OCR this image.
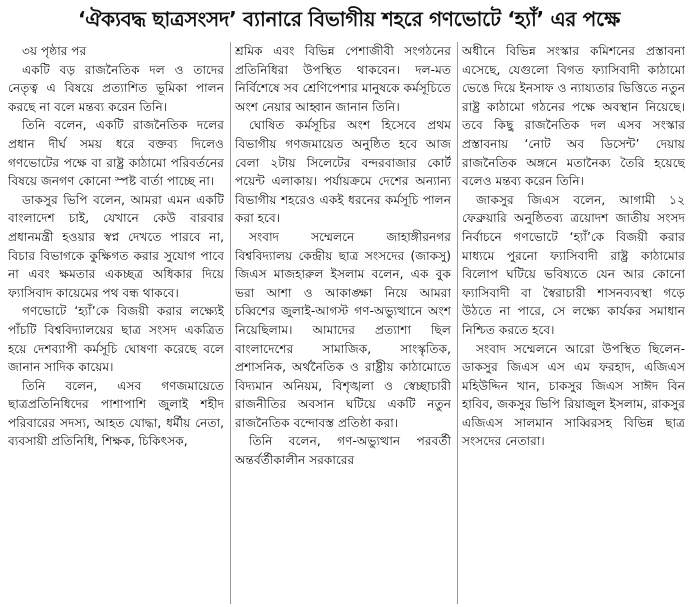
‘ঐক্যবদ্ধ ছাত্রসংসদ’ ব্যানারে বিভাগীয় শহরে গণভোটে ‘হ্যাঁ’ এর পক্ষে

৩য় পৃষ্ঠার পর

একটি বড় রাজনৈতিক দল ও তাদের নেতৃত্ব এ বিষয়ে প্রত্যাশিত ভূমিকা পালন করছে না বলে মন্তব্য করেন তিনি।

তিনি বলেন, একটি রাজনৈতিক দলের প্রধান দীর্ঘ সময় ধরে বক্তব্য দিলেও গণভোটের পক্ষে বা রাষ্ট্র কাঠামো পরিবর্তনের বিষয়ে জনগণ কোনো স্পষ্ট বার্তা পাচ্ছে না।

ডাকসুর ভিপি বলেন, আমরা এমন একটি বাংলাদেশ চাই, যেখানে কেউ বারবার প্রধানমন্ত্রী হওয়ার স্বপ্ন দেখতে পারবে না, বিচার বিভাগকে কুক্ষিগত করার সুযোগ পাবে না এবং ক্ষমতার একচ্ছত্র অধিকার দিয়ে ফ্যাসিবাদ কায়েমের পথ বন্ধ থাকবে।

গণভোটে ‘হ্যাঁ’কে বিজয়ী করার লক্ষ্যেই পাঁচটি বিশ্ববিদ্যালয়ের ছাত্র সংসদ একত্রিত হয়ে দেশব্যাপী কর্মসূচি ঘোষণা করেছে বলে জানান সাদিক কায়েম।

তিনি বলেন, এসব গণজমায়েতে ছাত্রপ্রতিনিধিদের পাশাপাশি জুলাই শহীদ পরিবারের সদস্য, আহত যোদ্ধা, ধর্মীয় নেতা, ব্যবসায়ী প্রতিনিধি, শিক্ষক, চিকিৎসক,

শ্রমিক এবং বিভিন্ন পেশাজীবী সংগঠনের প্রতিনিধিরা উপস্থিত থাকবেন। দল-মত নির্বিশেষে সব শ্রেণিপেশার মানুষকে কর্মসূচিতে অংশ নেয়ার আহ্বান জানান তিনি।

ঘোষিত কর্মসূচির অংশ হিসেবে প্রথম বিভাগীয় গণজমায়েত অনুষ্ঠিত হবে আজ বেলা ২টায় সিলেটের বন্দরবাজার কোর্ট পয়েন্ট এলাকায়। পর্যায়ক্রমে দেশের অন্যান্য বিভাগীয় শহরেও একই ধরনের কর্মসূচি পালন করা হবে।

সংবাদ সম্মেলনে জাহাঙ্গীরনগর বিশ্ববিদ্যালয় কেন্দ্রীয় ছাত্র সংসদের (জাকসু) জিএস মাজহারুল ইসলাম বলেন, এক বুক ভরা আশা ও আকাঙ্ক্ষা নিয়ে আমরা চব্বিশের জুলাই-আগস্ট গণ-অভ্যুত্থানে অংশ নিয়েছিলাম। আমাদের প্রত্যাশা ছিল বাংলাদেশের সামাজিক, সাংস্কৃতিক, প্রশাসনিক, অর্থনৈতিক ও রাষ্ট্রীয় কাঠামোতে বিদ্যমান অনিয়ম, বিশৃঙ্খলা ও স্বেচ্ছাচারী রাজনীতির অবসান ঘটিয়ে একটি নতুন রাজনৈতিক বন্দোবস্ত প্রতিষ্ঠা করা।

তিনি বলেন, গণ-অভ্যুত্থান পরবর্তী অন্তর্বর্তীকালীন সরকারের

অধীনে বিভিন্ন সংস্কার কমিশনের প্রস্তাবনা এসেছে, যেগুলো বিগত ফ্যাসিবাদী কাঠামো ভেঙে দিয়ে ইনসাফ ও ন্যায্যতার ভিত্তিতে নতুন রাষ্ট্র কাঠামো গঠনের পক্ষে অবস্থান নিয়েছে। তবে কিছু রাজনৈতিক দল এসব সংস্কার প্রস্তাবনায় ‘নোট অব ডিসেন্ট’ দেয়ায় রাজনৈতিক অঙ্গনে মতানৈক্য তৈরি হয়েছে বলেও মন্তব্য করেন তিনি।

জাকসুর জিএস বলেন, আগামী ১২ ফেব্রুয়ারি অনুষ্ঠিতব্য ত্রয়োদশ জাতীয় সংসদ নির্বাচনে গণভোটে ‘হ্যাঁ’কে বিজয়ী করার মাধ্যমে পুরনো ফ্যাসিবাদী রাষ্ট্র কাঠামোর বিলোপ ঘটিয়ে ভবিষ্যতে যেন আর কোনো ফ্যাসিবাদী বা স্বৈরাচারী শাসনব্যবস্থা গড়ে উঠতে না পারে, সে লক্ষ্যে কার্যকর সমাধান নিশ্চিত করতে হবে।

সংবাদ সম্মেলনে আরো উপস্থিত ছিলেন- ডাকসুর জিএস এস এম ফরহাদ, এজিএস মহিউদ্দিন খান, চাকসুর জিএস সাঈদ বিন হাবিব, জকসুর ভিপি রিয়াজুল ইসলাম, রাকসুর এজিএস সালমান সাব্বিরসহ বিভিন্ন ছাত্র সংসদের নেতারা।
